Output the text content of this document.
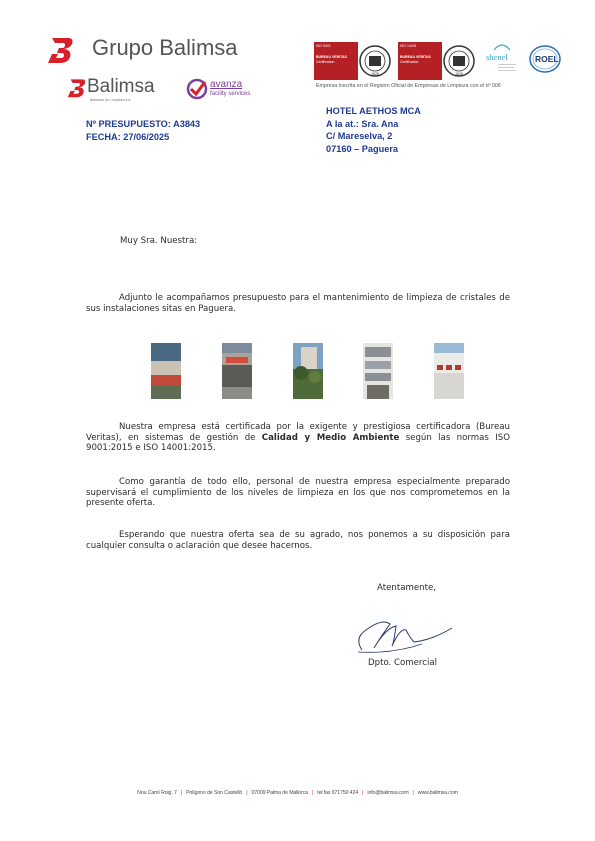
Grupo Balimsa
Balimsa
Baleares de Limpieza s.a.
avanza
facility services
ISO 9001
BUREAU VERITAS
Certification
1828
ISO 14001
BUREAU VERITAS
Certification
1828
shenel	ROEL
Empresa inscrita en el Registro Oficial de Empresas de Limpieza con el nº 006
Nº PRESUPUESTO: A3843
FECHA: 27/06/2025
HOTEL AETHOS MCA
A la at.: Sra. Ana
C/ Mareselva, 2
07160 – Paguera
Muy Sra. Nuestra:
Adjunto le acompañamos presupuesto para el mantenimiento de limpieza de cristales de sus instalaciones sitas en Paguera.
Nuestra empresa está certificada por la exigente y prestigiosa certificadora (Bureau Veritas), en sistemas de gestión de Calidad y Medio Ambiente según las normas ISO 9001:2015 e ISO 14001:2015.
Como garantía de todo ello, personal de nuestra empresa especialmente preparado supervisará el cumplimiento de los niveles de limpieza en los que nos comprometemos en la presente oferta.
Esperando que nuestra oferta sea de su agrado, nos ponemos a su disposición para cualquier consulta o aclaración que desee hacernos.
Atentamente,
Dpto. Comercial
Nou Camí Roig, 7 | Polígono de Son Castelló | 07009 Palma de Mallorca | tel fax 971750 424 | info@balimsa.com | www.balimsa.com
